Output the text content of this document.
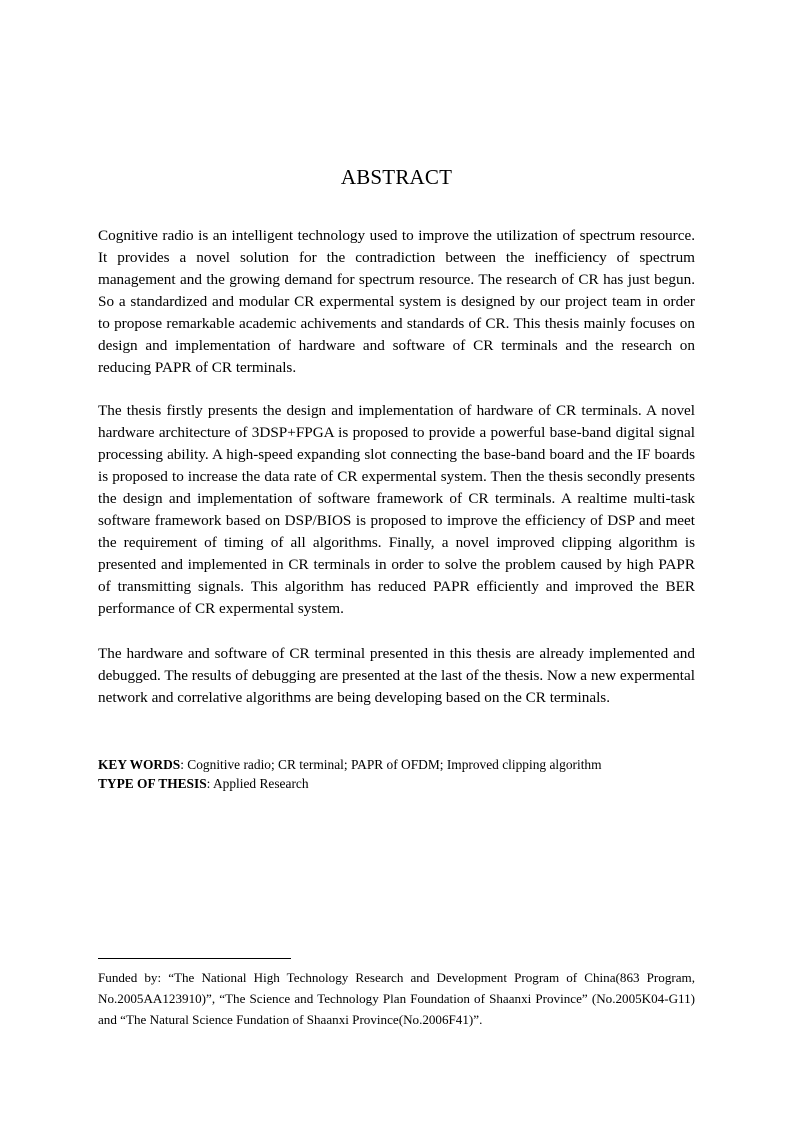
ABSTRACT

Cognitive radio is an intelligent technology used to improve the utilization of spectrum resource. It provides a novel solution for the contradiction between the inefficiency of spectrum management and the growing demand for spectrum resource. The research of CR has just begun. So a standardized and modular CR expermental system is designed by our project team in order to propose remarkable academic achivements and standards of CR. This thesis mainly focuses on design and implementation of hardware and software of CR terminals and the research on reducing PAPR of CR terminals.

The thesis firstly presents the design and implementation of hardware of CR terminals. A novel hardware architecture of 3DSP+FPGA is proposed to provide a powerful base-band digital signal processing ability. A high-speed expanding slot connecting the base-band board and the IF boards is proposed to increase the data rate of CR expermental system. Then the thesis secondly presents the design and implementation of software framework of CR terminals. A realtime multi-task software framework based on DSP/BIOS is proposed to improve the efficiency of DSP and meet the requirement of timing of all algorithms. Finally, a novel improved clipping algorithm is presented and implemented in CR terminals in order to solve the problem caused by high PAPR of transmitting signals. This algorithm has reduced PAPR efficiently and improved the BER performance of CR expermental system.

The hardware and software of CR terminal presented in this thesis are already implemented and debugged. The results of debugging are presented at the last of the thesis. Now a new expermental network and correlative algorithms are being developing based on the CR terminals.

KEY WORDS: Cognitive radio; CR terminal; PAPR of OFDM; Improved clipping algorithm
TYPE OF THESIS: Applied Research

Funded by: “The National High Technology Research and Development Program of China(863 Program, No.2005AA123910)”, “The Science and Technology Plan Foundation of Shaanxi Province” (No.2005K04-G11) and “The Natural Science Fundation of Shaanxi Province(No.2006F41)”.
